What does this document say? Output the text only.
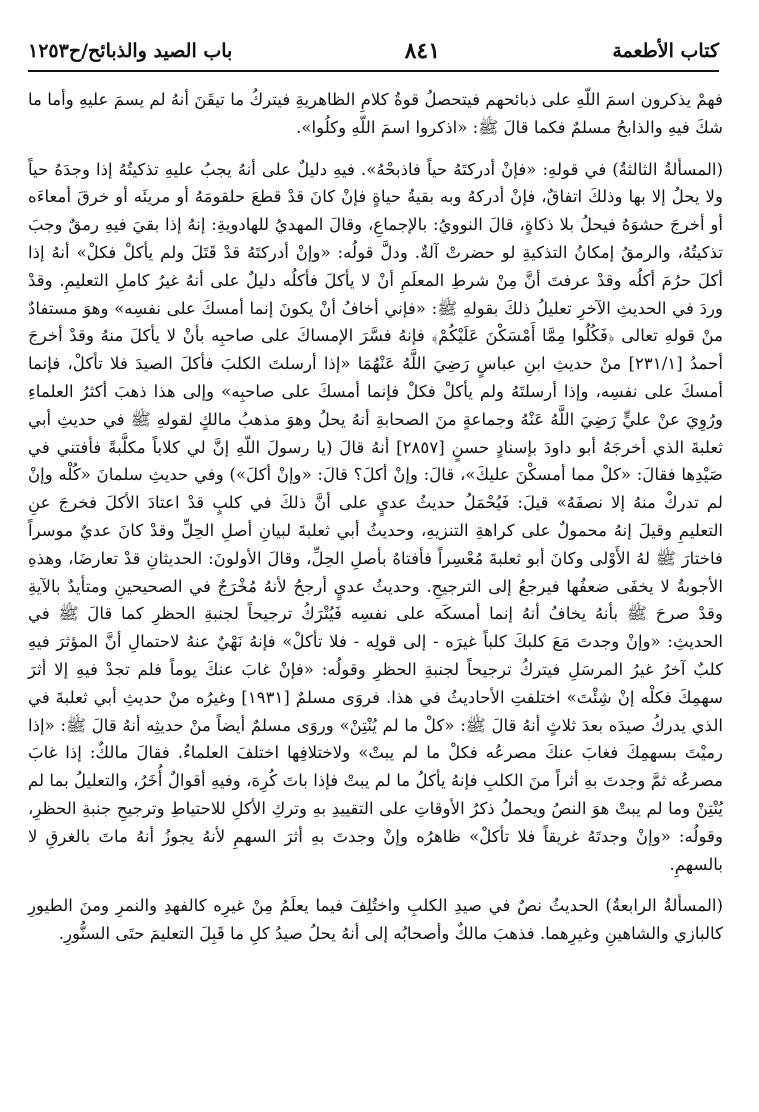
كتاب الأطعمة
٨٤١
باب الصيد والذبائح/ح١٢٥٣

فهمْ يذكرون اسمَ اللّهِ على ذبائحهم فيتحصلُ قوةُ كلامِ الظاهريةِ فيتركُ ما تيقَنَ أنهُ لم يسمَ عليهِ وأما ما شكَ فيهِ والذابحُ مسلمٌ فكما قالَ ﷺ: «اذكروا اسمَ اللّهِ وكلُوا».

(المسألةُ الثالثةُ) في قولهِ: «فإنْ أدركتَهُ حياً فاذبحْهُ». فيهِ دليلٌ على أنهُ يجبُ عليهِ تذكيتُهُ إذا وجدَهُ حياً ولا يحلُ إلا بها وذلكَ اتفاقٌ، فإنْ أدركهُ وبه بقيةُ حياةٍ فإنْ كانَ قدْ قطعَ حلقومَهُ أو مريئَه أو خرقَ أمعاءَه أو أخرجَ حشوَهُ فيحلُ بلا ذكاةٍ، قالَ النوويُ: بالإجماعِ، وقالَ المهديُ للهادويةِ: إنهُ إذا بقيَ فيهِ رمقٌ وجبَ تذكيتُهُ، والرمقُ إمكانُ التذكيةِ لو حضرتْ آلةٌ. ودلَّ قولُه: «وإنْ أدركتَهُ قدْ قَتَلَ ولم يأكلْ فكلْ» أنهُ إذا أكلَ حرُمَ أكلُه وقدْ عرفتَ أنَّ مِنْ شرطِ المعلَمِ أنْ لا يأكلَ فأكلُه دليلٌ على أنهُ غيرُ كاملِ التعليمِ. وقدْ وردَ في الحديثِ الآخرِ تعليلُ ذلكَ بقولهِ ﷺ: «فإني أخافُ أنْ يكونَ إنما أمسكَ على نفسِه» وهوَ مستفادٌ منْ قولهِ تعالى ﴿فَكُلُوا مِمَّا أَمْسَكْنَ عَلَيْكُمْ﴾ فإنهُ فسَّرَ الإمساكَ على صاحبِه بأنْ لا يأكلَ منهُ وقدْ أخرجَ أحمدُ [٢٣١/١] منْ حديثِ ابنِ عباسٍ رَضِيَ اللَّهُ عَنْهُمَا «إذا أرسلتَ الكلبَ فأكلَ الصيدَ فلا تأكلْ، فإنما أمسكَ على نفسِه، وإذا أرسلتَهُ ولم يأكلْ فكلْ فإنما أمسكَ على صاحبِه» وإلى هذا ذهبَ أكثرُ العلماءِ ورُوِيَ عنْ عليٍّ رَضِيَ اللَّهُ عَنْهُ وجماعةٍ منَ الصحابةِ أنهُ يحلُ وهوَ مذهبُ مالكٍ لقولهِ ﷺ في حديثِ أبي ثعلبةَ الذي أخرجَهُ أبو داودَ بإسنادٍ حسنٍ [٢٨٥٧] أنهُ قالَ (يا رسولَ اللّهِ إنَّ لي كلاباً مكلَّبةً فأفتني في صَيْدِها فقالَ: «كلْ مما أمسكْنَ عليكَ»، قالَ: وإنْ أكلَ؟ قالَ: «وإنْ أكلَ») وفي حديثِ سلمانَ «كُلْه وإنْ لم تدركْ منهُ إلا نصفَهُ» قيلَ: فَيُحْمَلُ حديثُ عديٍ على أنَّ ذلكَ في كلبٍ قدْ اعتادَ الأكلَ فخرجَ عنِ التعليمِ وقيلَ إنهُ محمولٌ على كراهةِ التنزيهِ، وحديثُ أبي ثعلبةَ لبيانِ أصلِ الحِلِّ وقدْ كانَ عديٌ موسراً فاختارَ ﷺ لهُ الأَوْلى وكانَ أبو ثعلبةَ مُعْسِراً فأفتاهُ بأصلِ الحِلِّ، وقالَ الأولونَ: الحديثانِ قدْ تعارضَا، وهذهِ الأجوبةُ لا يخفَى ضعفُها فيرجعُ إلى الترجيحِ. وحديثُ عديٍ أرجحُ لأنهُ مُخْرَجٌ في الصحيحينِ ومتأيدٌ بالآيةِ وقدْ صرحَ ﷺ بأنهُ يخافُ أنهُ إنما أمسكَه على نفسِه فَيُتْرَكُ ترجيحاً لجنبةِ الحظرِ كما قالَ ﷺ في الحديثِ: «وإنْ وجدتَ مَعَ كلبكَ كلباً غيرَه - إلى قولِه - فلا تأكلْ» فإنهُ نَهْيٌ عنهُ لاحتمالِ أنَّ المؤثرَ فيهِ كلبٌ آخرُ غيرُ المرسَلِ فيتركُ ترجيحاً لجنبةِ الحظرِ وقولُه: «فإنْ غابَ عنكَ يوماً فلم تجدْ فيهِ إلا أثرَ سهمِكَ فكلْه إنْ شِئْتَ» اختلفتِ الأحاديثُ في هذا. فروَى مسلمٌ [١٩٣١] وغيرُه منْ حديثِ أبي ثعلبةَ في الذي يدركُ صيدَه بعدَ ثلاثٍ أنهُ قالَ ﷺ: «كلْ ما لم يُنْتِنْ» وروَى مسلمٌ أيضاً منْ حديثِه أنهُ قالَ ﷺ: «إذا رميْتَ بسهمِكَ فغابَ عنكَ مصرعُه فكلْ ما لم يبتْ» ولاختلافِها اختلفَ العلماءُ. فقالَ مالكٌ: إذا غابَ مصرعُه ثمَّ وجدتَ بهِ أثراً منَ الكلبِ فإنهُ يأكلُ ما لم يبتْ فإذا باتَ كُرِهَ، وفيهِ أقوالٌ أُخَرُ، والتعليلُ بما لم يُنْتِنْ وما لم يبتْ هوَ النصُ ويحملُ ذكرُ الأوقاتِ على التقييدِ بهِ وتركِ الأكلِ للاحتياطِ وترجيحِ جنبةِ الحظرِ، وقولُه: «وإنْ وجدتَهُ غريقاً فلا تأكلْ» ظاهرُه وإنْ وجدتَ بهِ أثرَ السهمِ لأنهُ يجوزُ أنهُ ماتَ بالغرقِ لا بالسهمِ.

(المسألةُ الرابعةُ) الحديثُ نصٌ في صيدِ الكلبِ واختُلِفَ فيما يعلَمُ مِنْ غيرِه كالفهدِ والنمرِ ومنَ الطيورِ كالبازي والشاهينِ وغيرِهما. فذهبَ مالكٌ وأصحابُه إلى أنهُ يحلُ صيدُ كلِ ما قَبِلَ التعليمَ حتَى السنُّورِ.
